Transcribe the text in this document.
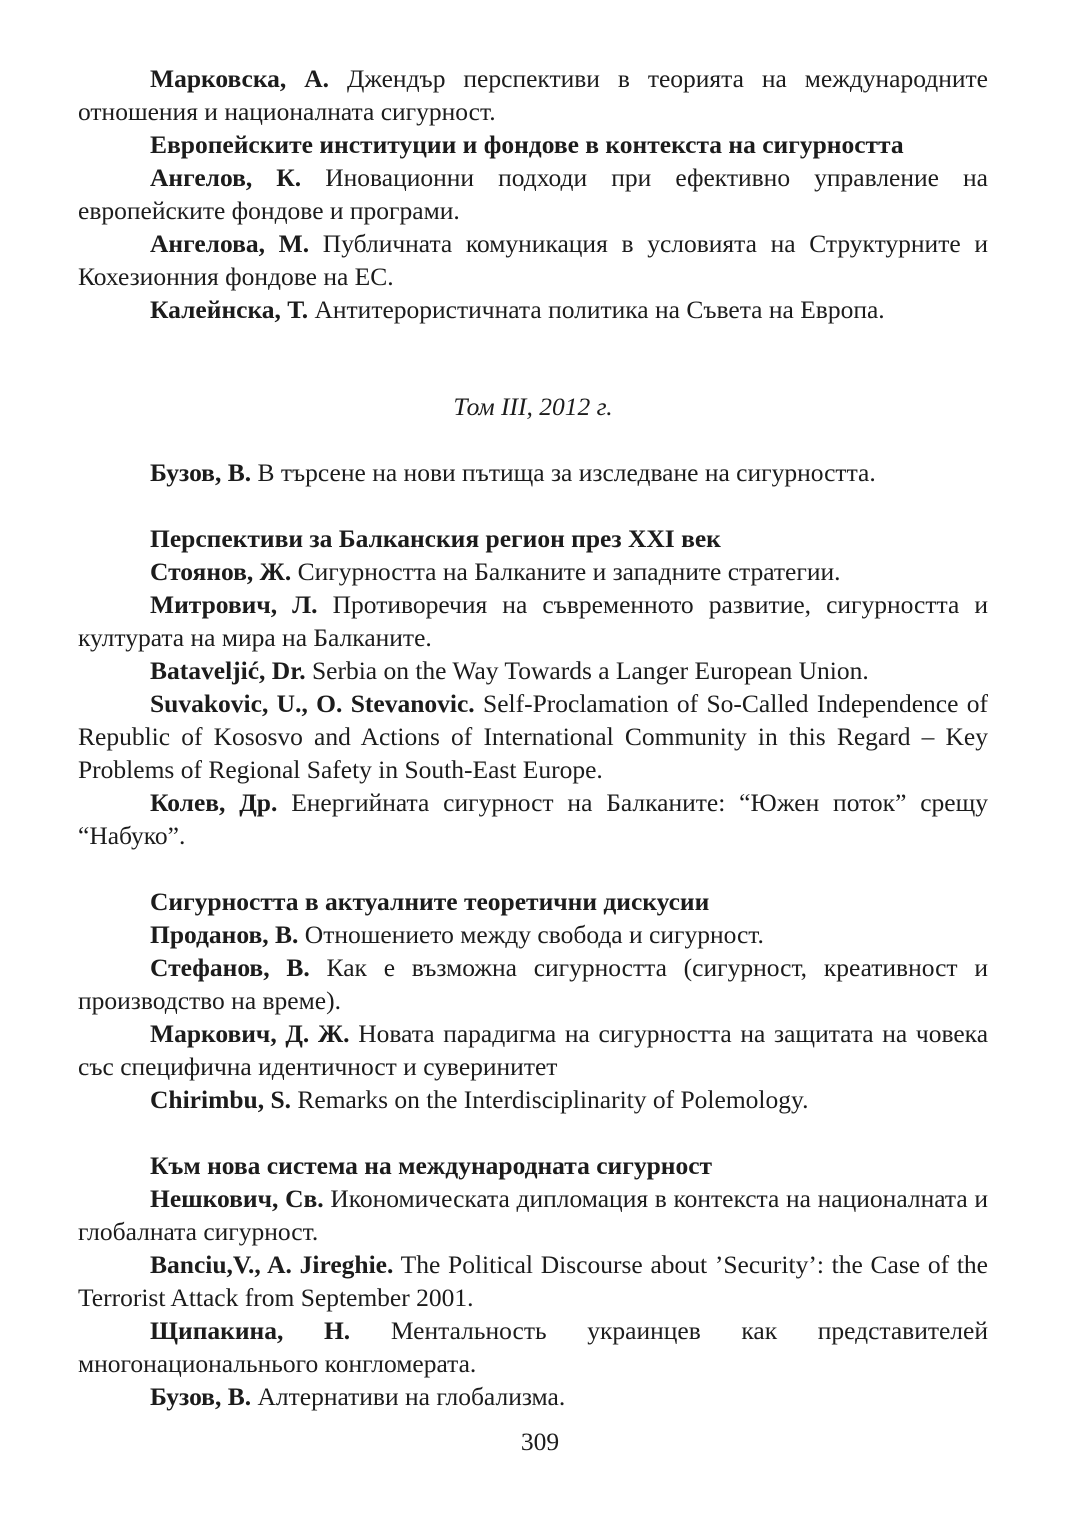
Марковска, А. Джендър перспективи в теорията на международните отношения и националната сигурност.

Европейските институции и фондове в контекста на сигурността

Ангелов, К. Иновационни подходи при ефективно управление на европейските фондове и програми.

Ангелова, М. Публичната комуникация в условията на Структурните и Кохезионния фондове на ЕС.

Калейнска, Т. Антитерористичната политика на Съвета на Европа.

Том III, 2012 г.

Бузов, В. В търсене на нови пътища за изследване на сигурността.

Перспективи за Балканския регион през XXI век

Стоянов, Ж. Сигурността на Балканите и западните стратегии.

Митрович, Л. Противоречия на съвременното развитие, сигурността и културата на мира на Балканите.

Bataveljić, Dr. Serbia on the Way Towards a Langer European Union.

Suvakovic, U., O. Stevanovic. Self-Proclamation of So-Called Independence of Republic of Kososvo and Actions of International Community in this Regard – Key Problems of Regional Safety in South-East Europe.

Колев, Др. Енергийната сигурност на Балканите: “Южен поток” срещу “Набуко”.

Сигурността в актуалните теоретични дискусии

Проданов, В. Отношението между свобода и сигурност.

Стефанов, В. Как е възможна сигурността (сигурност, креативност и производство на време).

Маркович, Д. Ж. Новата парадигма на сигурността на защитата на човека със специфична идентичност и суверинитет

Chirimbu, S. Remarks on the Interdisciplinarity of Polemology.

Към нова система на международната сигурност

Нешкович, Св. Икономическата дипломация в контекста на националната и глобалната сигурност.

Banciu,V., A. Jireghie. The Political Discourse about ’Security’: the Case of the Terrorist Attack from September 2001.

Щипакина, Н. Ментальность украинцев как представителей многонациональнього конгломерата.

Бузов, В. Алтернативи на глобализма.

309
